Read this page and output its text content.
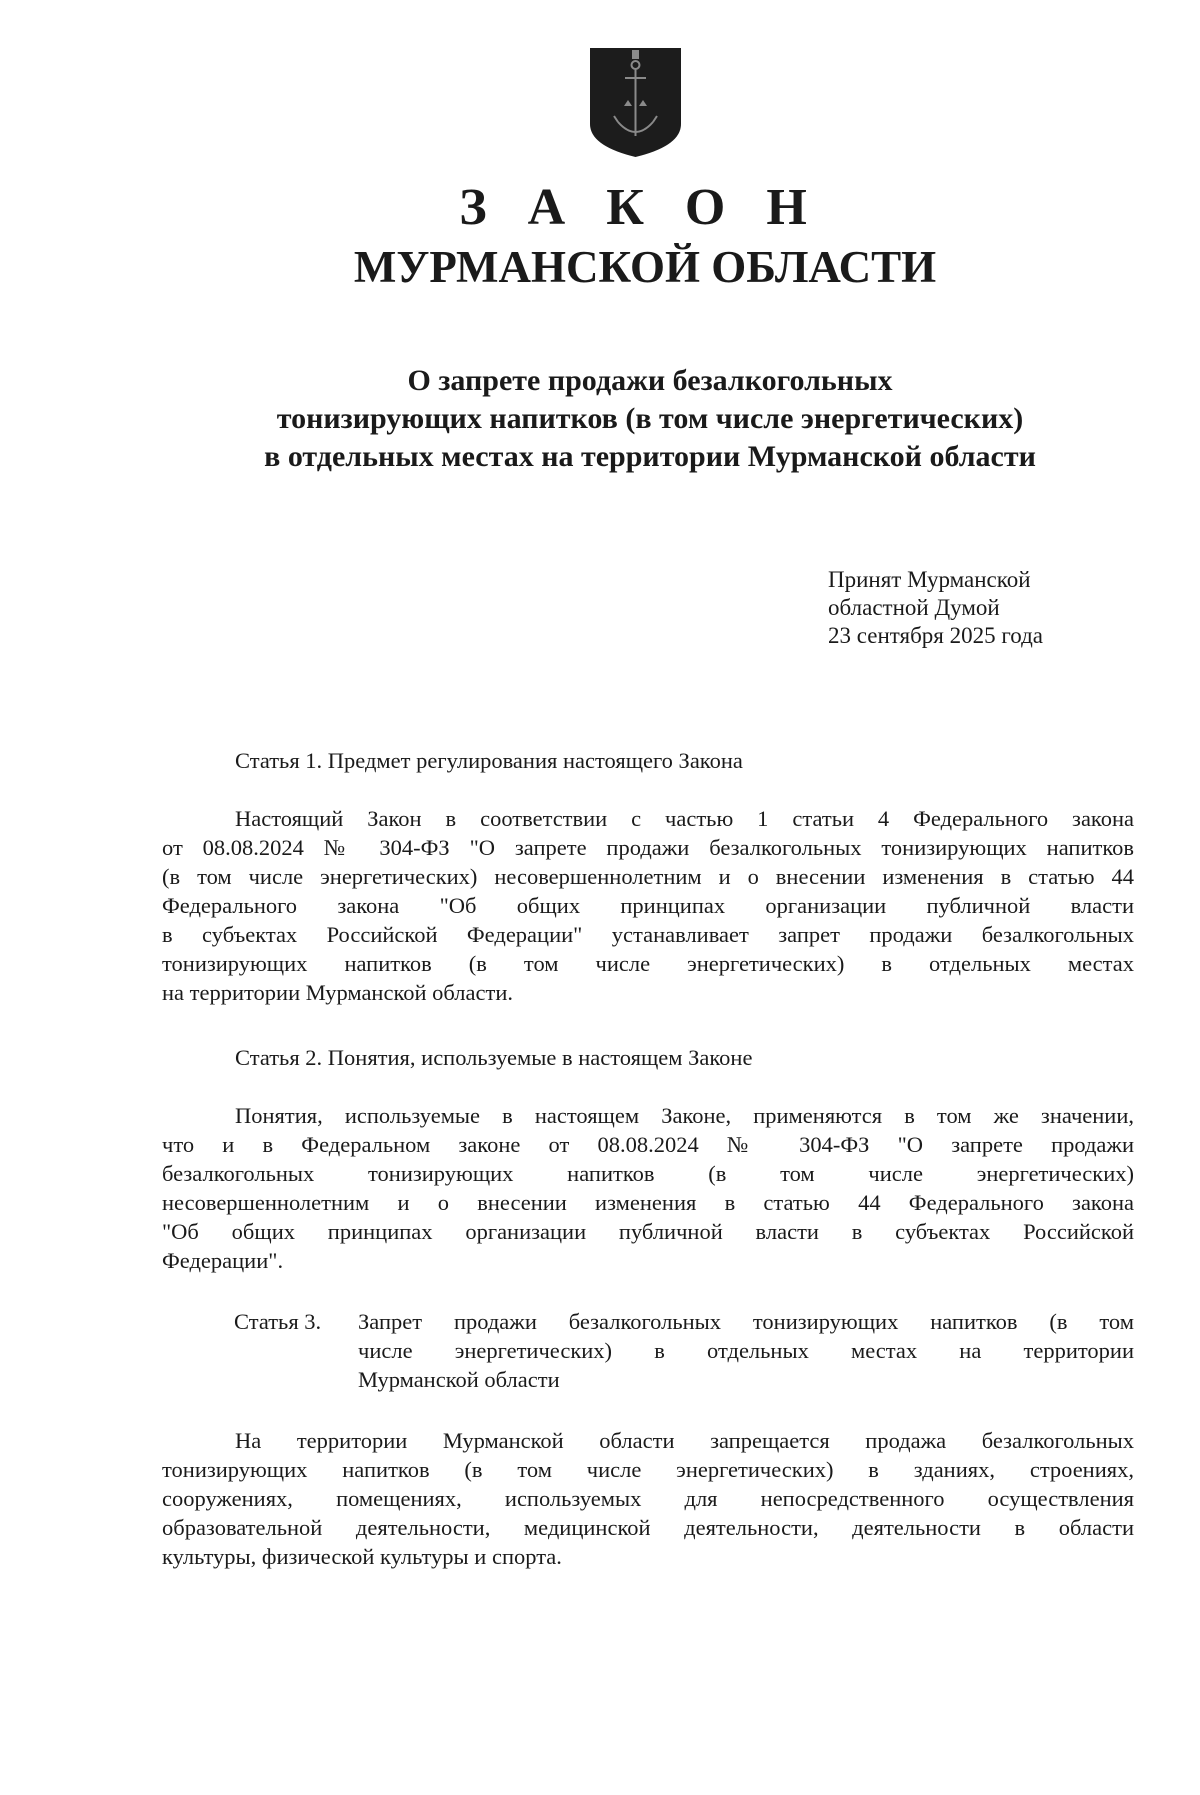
З А К О Н
МУРМАНСКОЙ ОБЛАСТИ
О запрете продажи безалкогольных
тонизирующих напитков (в том числе энергетических)
в отдельных местах на территории Мурманской области
Принят Мурманской
областной Думой
23 сентября 2025 года
Статья 1. Предмет регулирования настоящего Закона
Настоящий Закон в соответствии с частью 1 статьи 4 Федерального закона
от 08.08.2024 № 304-ФЗ "О запрете продажи безалкогольных тонизирующих напитков
(в том числе энергетических) несовершеннолетним и о внесении изменения в статью 44
Федерального закона "Об общих принципах организации публичной власти
в субъектах Российской Федерации" устанавливает запрет продажи безалкогольных
тонизирующих напитков (в том числе энергетических) в отдельных местах
на территории Мурманской области.
Статья 2. Понятия, используемые в настоящем Законе
Понятия, используемые в настоящем Законе, применяются в том же значении,
что и в Федеральном законе от 08.08.2024 № 304-ФЗ "О запрете продажи
безалкогольных тонизирующих напитков (в том числе энергетических)
несовершеннолетним и о внесении изменения в статью 44 Федерального закона
"Об общих принципах организации публичной власти в субъектах Российской
Федерации".
Статья 3. Запрет продажи безалкогольных тонизирующих напитков (в том
числе энергетических) в отдельных местах на территории
Мурманской области
На территории Мурманской области запрещается продажа безалкогольных
тонизирующих напитков (в том числе энергетических) в зданиях, строениях,
сооружениях, помещениях, используемых для непосредственного осуществления
образовательной деятельности, медицинской деятельности, деятельности в области
культуры, физической культуры и спорта.
